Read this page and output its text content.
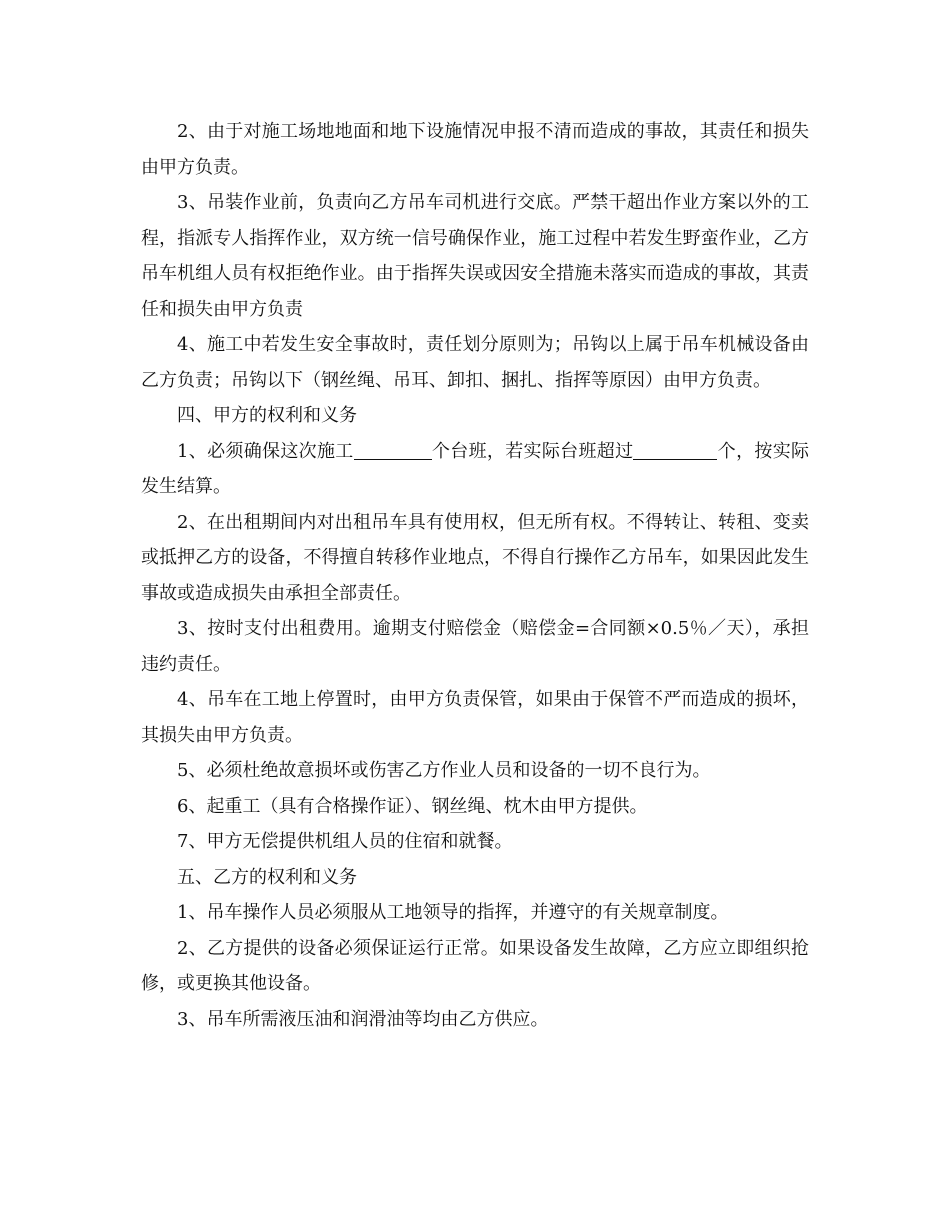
2、由于对施工场地地面和地下设施情况申报不清而造成的事故，其责任和损失由甲方负责。

3、吊装作业前，负责向乙方吊车司机进行交底。严禁干超出作业方案以外的工程，指派专人指挥作业，双方统一信号确保作业，施工过程中若发生野蛮作业，乙方吊车机组人员有权拒绝作业。由于指挥失误或因安全措施未落实而造成的事故，其责任和损失由甲方负责

4、施工中若发生安全事故时，责任划分原则为；吊钩以上属于吊车机械设备由乙方负责；吊钩以下（钢丝绳、吊耳、卸扣、捆扎、指挥等原因）由甲方负责。

四、甲方的权利和义务

1、必须确保这次施工	个台班，若实际台班超过	个，按实际发生结算。

2、在出租期间内对出租吊车具有使用权，但无所有权。不得转让、转租、变卖或抵押乙方的设备，不得擅自转移作业地点，不得自行操作乙方吊车，如果因此发生事故或造成损失由承担全部责任。

3、按时支付出租费用。逾期支付赔偿金（赔偿金=合同额×0.5％／天），承担违约责任。

4、吊车在工地上停置时，由甲方负责保管，如果由于保管不严而造成的损坏，其损失由甲方负责。

5、必须杜绝故意损坏或伤害乙方作业人员和设备的一切不良行为。

6、起重工（具有合格操作证）、钢丝绳、枕木由甲方提供。

7、甲方无偿提供机组人员的住宿和就餐。

五、乙方的权利和义务

1、吊车操作人员必须服从工地领导的指挥，并遵守的有关规章制度。

2、乙方提供的设备必须保证运行正常。如果设备发生故障，乙方应立即组织抢修，或更换其他设备。

3、吊车所需液压油和润滑油等均由乙方供应。
